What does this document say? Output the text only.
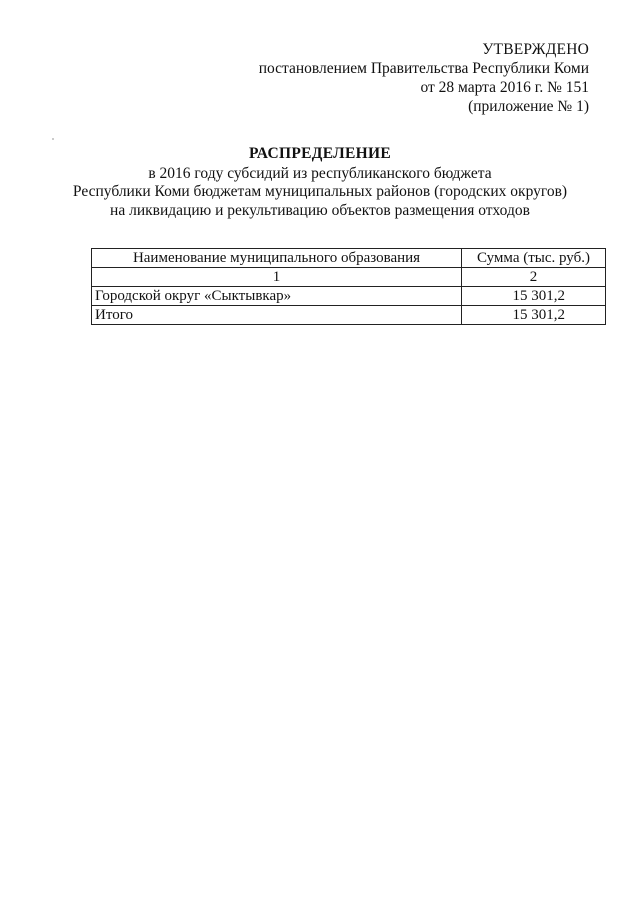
УТВЕРЖДЕНО
постановлением Правительства Республики Коми
от 28 марта 2016 г. № 151
(приложение № 1)
РАСПРЕДЕЛЕНИЕ
в 2016 году субсидий из республиканского бюджета
Республики Коми бюджетам муниципальных районов (городских округов)
на ликвидацию и рекультивацию объектов размещения отходов
Наименование муниципального образования	Сумма (тыс. руб.)
1	2
Городской округ «Сыктывкар»	15 301,2
Итого	15 301,2
